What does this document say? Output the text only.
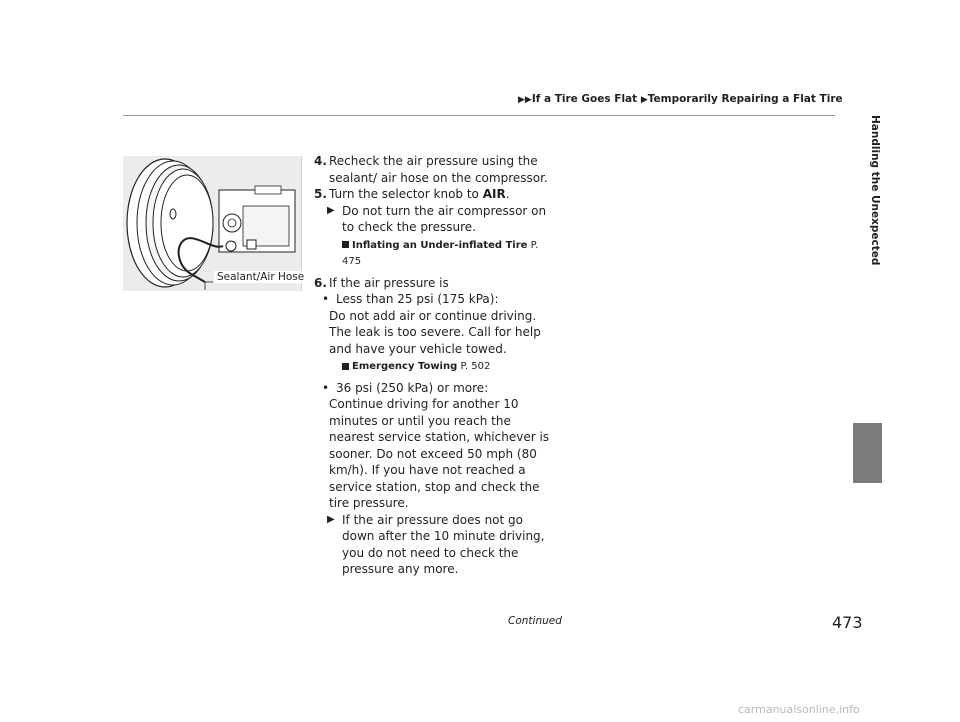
▶▶If a Tire Goes Flat ▶Temporarily Repairing a Flat Tire
Handling the Unexpected
Sealant/Air Hose
4. Recheck the air pressure using the sealant/ air hose on the compressor.
5. Turn the selector knob to AIR.
▶ Do not turn the air compressor on to check the pressure.
Inflating an Under-inflated Tire P. 475
6. If the air pressure is
• Less than 25 psi (175 kPa):
Do not add air or continue driving. The leak is too severe. Call for help and have your vehicle towed.
Emergency Towing P. 502
• 36 psi (250 kPa) or more:
Continue driving for another 10 minutes or until you reach the nearest service station, whichever is sooner. Do not exceed 50 mph (80 km/h). If you have not reached a service station, stop and check the tire pressure.
▶ If the air pressure does not go down after the 10 minute driving, you do not need to check the pressure any more.
Continued	473
carmanualsonline.info
